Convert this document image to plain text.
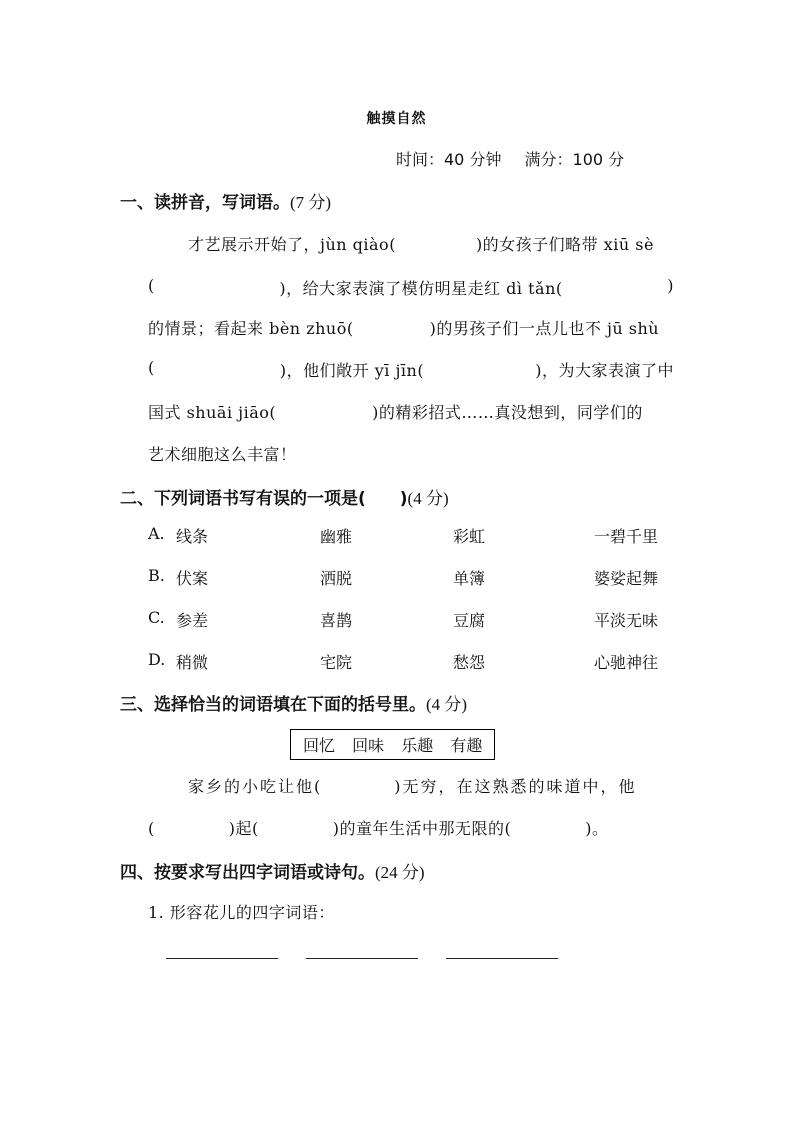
触摸自然
时间：40 分钟 满分：100 分
一、读拼音，写词语。(7 分)
才艺展示开始了，jùn qiào(	)的女孩子们略带 xiū sè
(	)，给大家表演了模仿明星走红 dì tǎn(	)
的情景；看起来 bèn zhuō(	)的男孩子们一点儿也不 jū shù
(	)，他们敞开 yī jīn(	)，为大家表演了中
国式 shuāi jiāo(	)的精彩招式……真没想到，同学们的
艺术细胞这么丰富！
二、下列词语书写有误的一项是(　　)(4 分)
A. 线条	幽雅	彩虹	一碧千里
B. 伏案	洒脱	单簿	婆娑起舞
C. 参差	喜鹊	豆腐	平淡无味
D. 稍微	宅院	愁怨	心驰神往
三、选择恰当的词语填在下面的括号里。(4 分)
回忆 回味 乐趣 有趣
家乡的小吃让他(	)无穷，在这熟悉的味道中，他
(	)起(	)的童年生活中那无限的(	)。
四、按要求写出四字词语或诗句。(24 分)
1. 形容花儿的四字词语：
